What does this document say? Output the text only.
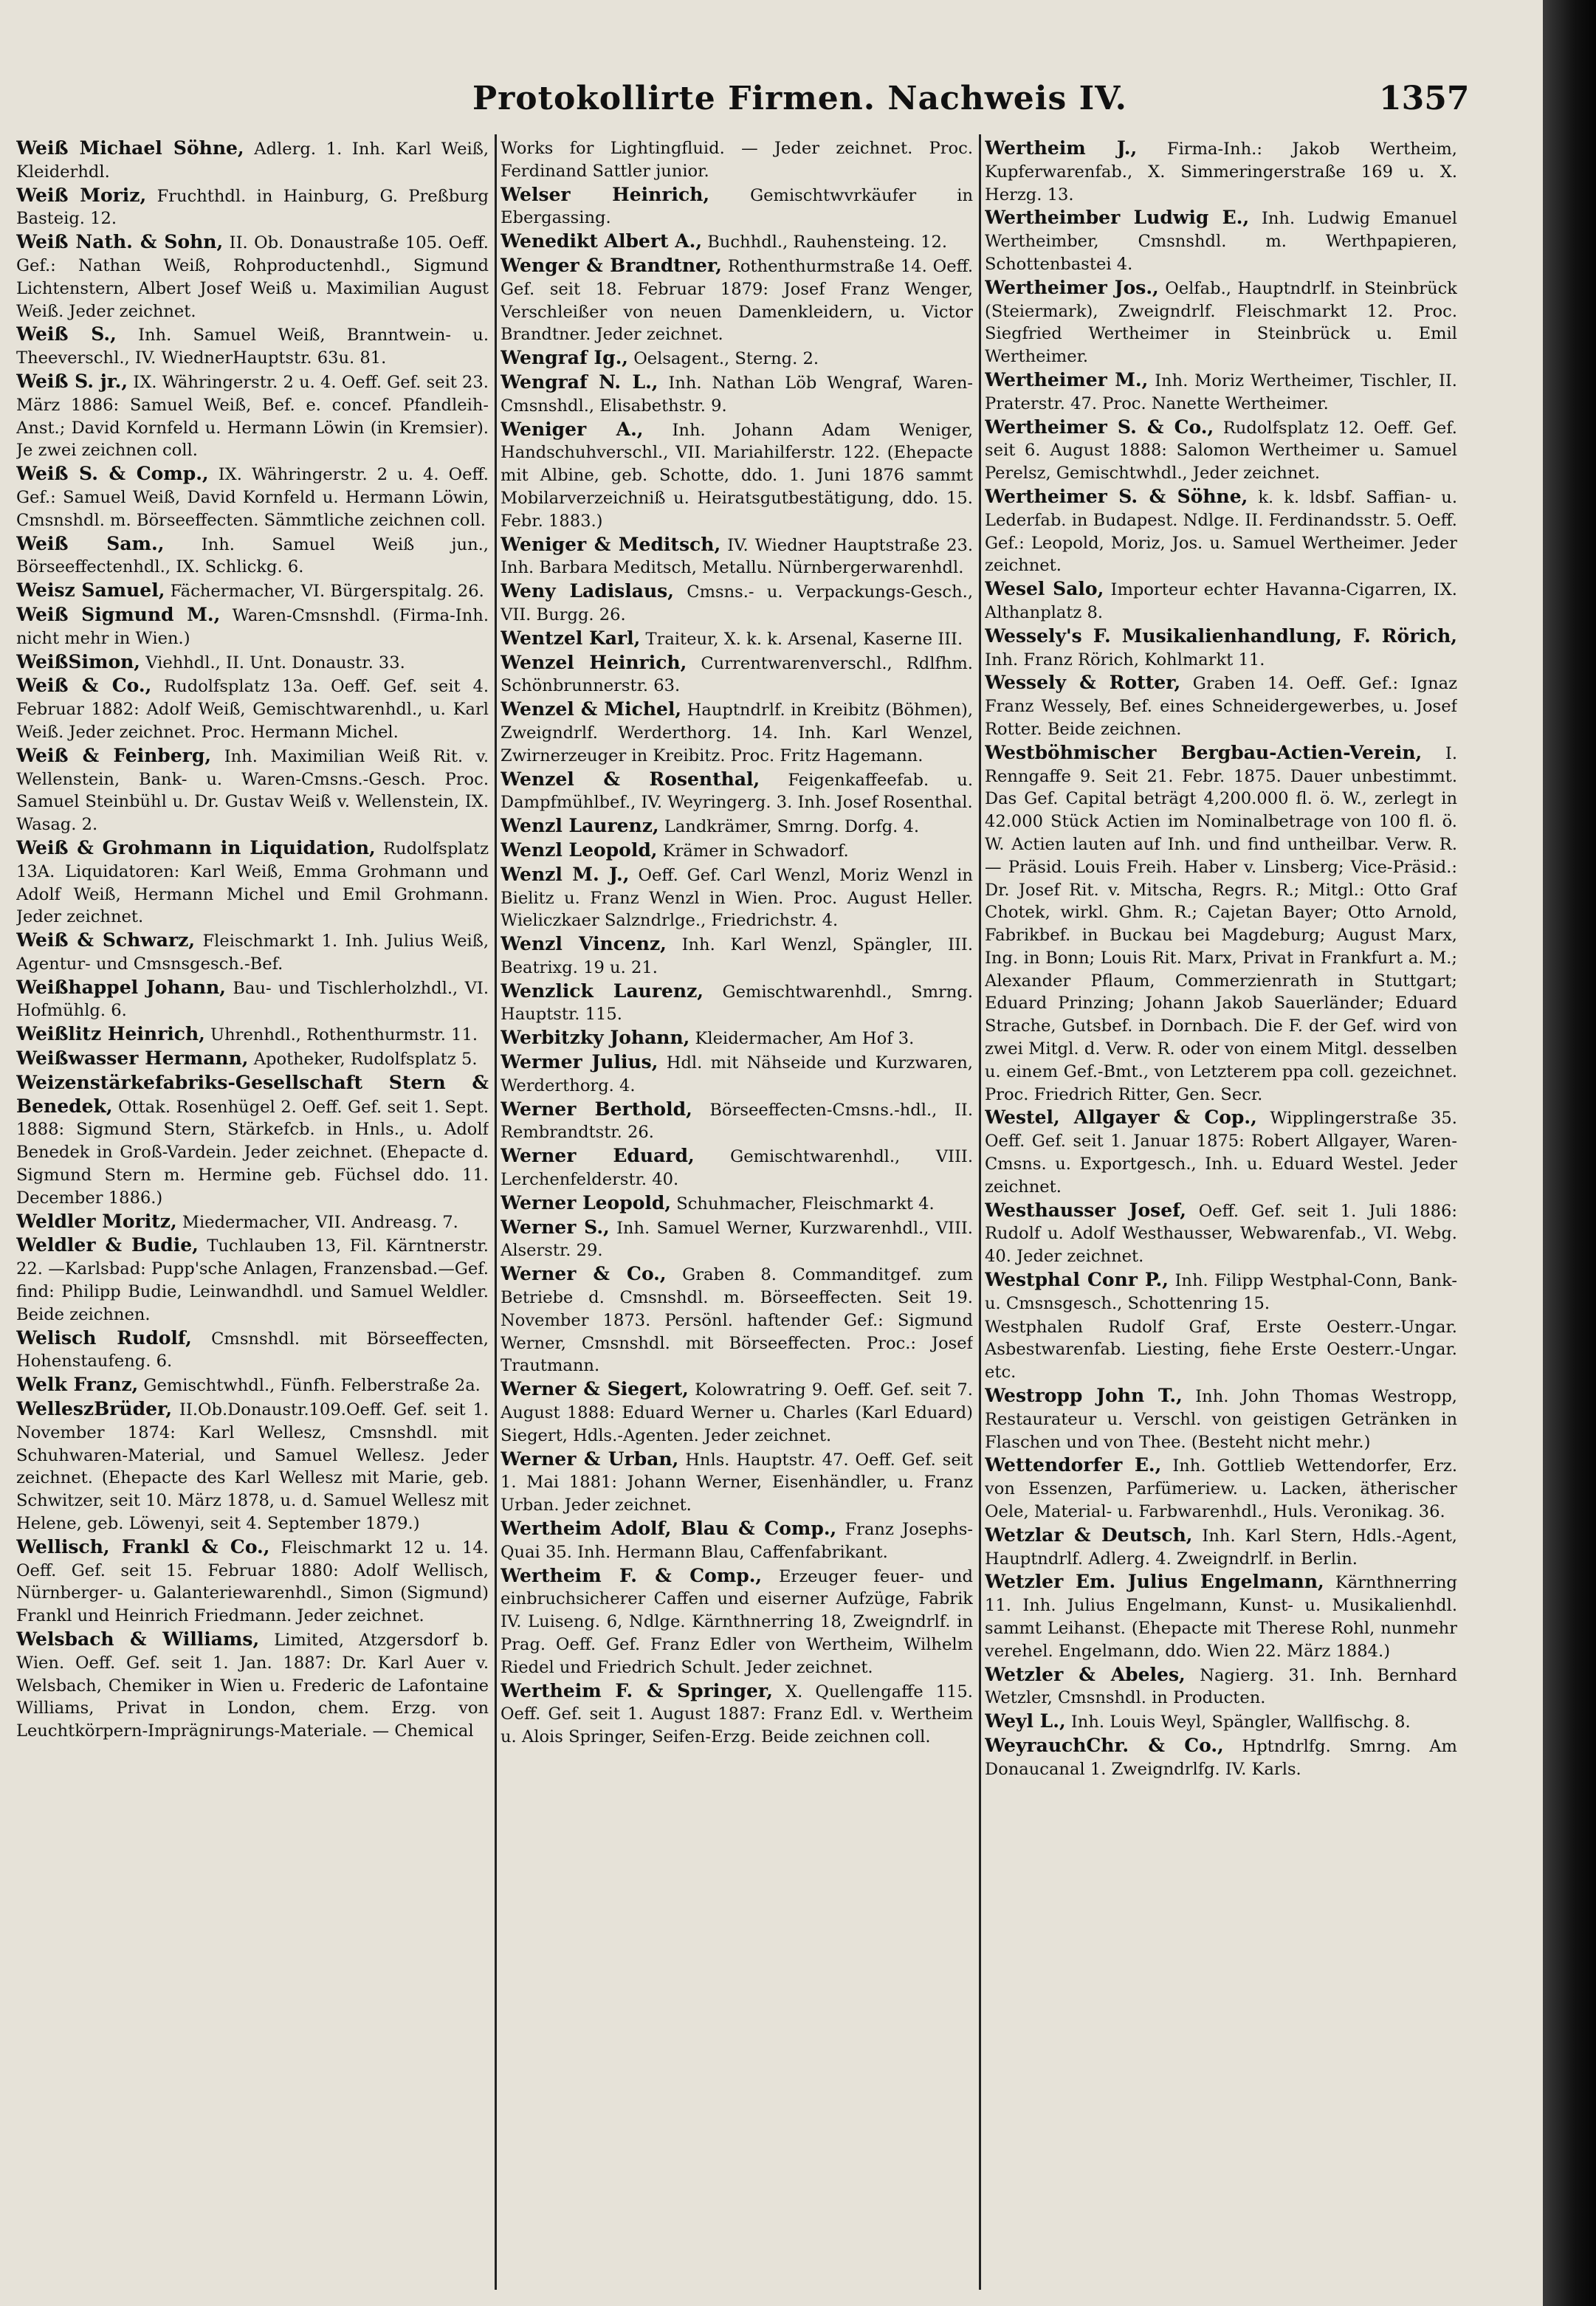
Protokollirte Firmen. Nachweis IV.	1357
Weiß Michael Söhne, Adlerg. 1. Inh. Karl Weiß, Kleiderhdl.
Weiß Moriz, Fruchthdl. in Hainburg, G. Preßburg Basteig. 12.
Weiß Nath. & Sohn, II. Ob. Donaustraße 105. Oeff. Gef.: Nathan Weiß, Rohproductenhdl., Sigmund Lichtenstern, Albert Josef Weiß u. Maximilian August Weiß. Jeder zeichnet.
Weiß S., Inh. Samuel Weiß, Branntwein- u. Theeverschl., IV. WiednerHauptstr. 63u. 81.
Weiß S. jr., IX. Währingerstr. 2 u. 4. Oeff. Gef. seit 23. März 1886: Samuel Weiß, Bef. e. concef. Pfandleih-Anst.; David Kornfeld u. Hermann Löwin (in Kremsier). Je zwei zeichnen coll.
Weiß S. & Comp., IX. Währingerstr. 2 u. 4. Oeff. Gef.: Samuel Weiß, David Kornfeld u. Hermann Löwin, Cmsnshdl. m. Börseeffecten. Sämmtliche zeichnen coll.
Weiß Sam., Inh. Samuel Weiß jun., Börseeffectenhdl., IX. Schlickg. 6.
Weisz Samuel, Fächermacher, VI. Bürgerspitalg. 26.
Weiß Sigmund M., Waren-Cmsnshdl. (Firma-Inh. nicht mehr in Wien.)
WeißSimon, Viehhdl., II. Unt. Donaustr. 33.
Weiß & Co., Rudolfsplatz 13a. Oeff. Gef. seit 4. Februar 1882: Adolf Weiß, Gemischtwarenhdl., u. Karl Weiß. Jeder zeichnet. Proc. Hermann Michel.
Weiß & Feinberg, Inh. Maximilian Weiß Rit. v. Wellenstein, Bank- u. Waren-Cmsns.-Gesch. Proc. Samuel Steinbühl u. Dr. Gustav Weiß v. Wellenstein, IX. Wasag. 2.
Weiß & Grohmann in Liquidation, Rudolfsplatz 13A. Liquidatoren: Karl Weiß, Emma Grohmann und Adolf Weiß, Hermann Michel und Emil Grohmann. Jeder zeichnet.
Weiß & Schwarz, Fleischmarkt 1. Inh. Julius Weiß, Agentur- und Cmsnsgesch.-Bef.
Weißhappel Johann, Bau- und Tischlerholzhdl., VI. Hofmühlg. 6.
Weißlitz Heinrich, Uhrenhdl., Rothenthurmstr. 11.
Weißwasser Hermann, Apotheker, Rudolfsplatz 5.
Weizenstärkefabriks-Gesellschaft Stern & Benedek, Ottak. Rosenhügel 2. Oeff. Gef. seit 1. Sept. 1888: Sigmund Stern, Stärkefcb. in Hnls., u. Adolf Benedek in Groß-Vardein. Jeder zeichnet. (Ehepacte d. Sigmund Stern m. Hermine geb. Füchsel ddo. 11. December 1886.)
Weldler Moritz, Miedermacher, VII. Andreasg. 7.
Weldler & Budie, Tuchlauben 13, Fil. Kärntnerstr. 22. —Karlsbad: Pupp'sche Anlagen, Franzensbad.—Gef. find: Philipp Budie, Leinwandhdl. und Samuel Weldler. Beide zeichnen.
Welisch Rudolf, Cmsnshdl. mit Börseeffecten, Hohenstaufeng. 6.
Welk Franz, Gemischtwhdl., Fünfh. Felberstraße 2a.
WelleszBrüder, II.Ob.Donaustr.109.Oeff. Gef. seit 1. November 1874: Karl Wellesz, Cmsnshdl. mit Schuhwaren-Material, und Samuel Wellesz. Jeder zeichnet. (Ehepacte des Karl Wellesz mit Marie, geb. Schwitzer, seit 10. März 1878, u. d. Samuel Wellesz mit Helene, geb. Löwenyi, seit 4. September 1879.)
Wellisch, Frankl & Co., Fleischmarkt 12 u. 14. Oeff. Gef. seit 15. Februar 1880: Adolf Wellisch, Nürnberger- u. Galanteriewarenhdl., Simon (Sigmund) Frankl und Heinrich Friedmann. Jeder zeichnet.
Welsbach & Williams, Limited, Atzgersdorf b. Wien. Oeff. Gef. seit 1. Jan. 1887: Dr. Karl Auer v. Welsbach, Chemiker in Wien u. Frederic de Lafontaine Williams, Privat in London, chem. Erzg. von Leuchtkörpern-Imprägnirungs-Materiale. — Chemical
Works for Lightingfluid. — Jeder zeichnet. Proc. Ferdinand Sattler junior.
Welser Heinrich, Gemischtwvrkäufer in Ebergassing.
Wenedikt Albert A., Buchhdl., Rauhensteing. 12.
Wenger & Brandtner, Rothenthurmstraße 14. Oeff. Gef. seit 18. Februar 1879: Josef Franz Wenger, Verschleißer von neuen Damenkleidern, u. Victor Brandtner. Jeder zeichnet.
Wengraf Ig., Oelsagent., Sterng. 2.
Wengraf N. L., Inh. Nathan Löb Wengraf, Waren-Cmsnshdl., Elisabethstr. 9.
Weniger A., Inh. Johann Adam Weniger, Handschuhverschl., VII. Mariahilferstr. 122. (Ehepacte mit Albine, geb. Schotte, ddo. 1. Juni 1876 sammt Mobilarverzeichniß u. Heiratsgutbestätigung, ddo. 15. Febr. 1883.)
Weniger & Meditsch, IV. Wiedner Hauptstraße 23. Inh. Barbara Meditsch, Metallu. Nürnbergerwarenhdl.
Weny Ladislaus, Cmsns.- u. Verpackungs-Gesch., VII. Burgg. 26.
Wentzel Karl, Traiteur, X. k. k. Arsenal, Kaserne III.
Wenzel Heinrich, Currentwarenverschl., Rdlfhm. Schönbrunnerstr. 63.
Wenzel & Michel, Hauptndrlf. in Kreibitz (Böhmen), Zweigndrlf. Werderthorg. 14. Inh. Karl Wenzel, Zwirnerzeuger in Kreibitz. Proc. Fritz Hagemann.
Wenzel & Rosenthal, Feigenkaffeefab. u. Dampfmühlbef., IV. Weyringerg. 3. Inh. Josef Rosenthal.
Wenzl Laurenz, Landkrämer, Smrng. Dorfg. 4.
Wenzl Leopold, Krämer in Schwadorf.
Wenzl M. J., Oeff. Gef. Carl Wenzl, Moriz Wenzl in Bielitz u. Franz Wenzl in Wien. Proc. August Heller. Wieliczkaer Salzndrlge., Friedrichstr. 4.
Wenzl Vincenz, Inh. Karl Wenzl, Spängler, III. Beatrixg. 19 u. 21.
Wenzlick Laurenz, Gemischtwarenhdl., Smrng. Hauptstr. 115.
Werbitzky Johann, Kleidermacher, Am Hof 3.
Wermer Julius, Hdl. mit Nähseide und Kurzwaren, Werderthorg. 4.
Werner Berthold, Börseeffecten-Cmsns.-hdl., II. Rembrandtstr. 26.
Werner Eduard, Gemischtwarenhdl., VIII. Lerchenfelderstr. 40.
Werner Leopold, Schuhmacher, Fleischmarkt 4.
Werner S., Inh. Samuel Werner, Kurzwarenhdl., VIII. Alserstr. 29.
Werner & Co., Graben 8. Commanditgef. zum Betriebe d. Cmsnshdl. m. Börseeffecten. Seit 19. November 1873. Persönl. haftender Gef.: Sigmund Werner, Cmsnshdl. mit Börseeffecten. Proc.: Josef Trautmann.
Werner & Siegert, Kolowratring 9. Oeff. Gef. seit 7. August 1888: Eduard Werner u. Charles (Karl Eduard) Siegert, Hdls.-Agenten. Jeder zeichnet.
Werner & Urban, Hnls. Hauptstr. 47. Oeff. Gef. seit 1. Mai 1881: Johann Werner, Eisenhändler, u. Franz Urban. Jeder zeichnet.
Wertheim Adolf, Blau & Comp., Franz Josephs-Quai 35. Inh. Hermann Blau, Caffenfabrikant.
Wertheim F. & Comp., Erzeuger feuer- und einbruchsicherer Caffen und eiserner Aufzüge, Fabrik IV. Luiseng. 6, Ndlge. Kärnthnerring 18, Zweigndrlf. in Prag. Oeff. Gef. Franz Edler von Wertheim, Wilhelm Riedel und Friedrich Schult. Jeder zeichnet.
Wertheim F. & Springer, X. Quellengaffe 115. Oeff. Gef. seit 1. August 1887: Franz Edl. v. Wertheim u. Alois Springer, Seifen-Erzg. Beide zeichnen coll.
Wertheim J., Firma-Inh.: Jakob Wertheim, Kupferwarenfab., X. Simmeringerstraße 169 u. X. Herzg. 13.
Wertheimber Ludwig E., Inh. Ludwig Emanuel Wertheimber, Cmsnshdl. m. Werthpapieren, Schottenbastei 4.
Wertheimer Jos., Oelfab., Hauptndrlf. in Steinbrück (Steiermark), Zweigndrlf. Fleischmarkt 12. Proc. Siegfried Wertheimer in Steinbrück u. Emil Wertheimer.
Wertheimer M., Inh. Moriz Wertheimer, Tischler, II. Praterstr. 47. Proc. Nanette Wertheimer.
Wertheimer S. & Co., Rudolfsplatz 12. Oeff. Gef. seit 6. August 1888: Salomon Wertheimer u. Samuel Perelsz, Gemischtwhdl., Jeder zeichnet.
Wertheimer S. & Söhne, k. k. ldsbf. Saffian- u. Lederfab. in Budapest. Ndlge. II. Ferdinandsstr. 5. Oeff. Gef.: Leopold, Moriz, Jos. u. Samuel Wertheimer. Jeder zeichnet.
Wesel Salo, Importeur echter Havanna-Cigarren, IX. Althanplatz 8.
Wessely's F. Musikalienhandlung, F. Rörich, Inh. Franz Rörich, Kohlmarkt 11.
Wessely & Rotter, Graben 14. Oeff. Gef.: Ignaz Franz Wessely, Bef. eines Schneidergewerbes, u. Josef Rotter. Beide zeichnen.
Westböhmischer Bergbau-Actien-Verein, I. Renngaffe 9. Seit 21. Febr. 1875. Dauer unbestimmt. Das Gef. Capital beträgt 4,200.000 fl. ö. W., zerlegt in 42.000 Stück Actien im Nominalbetrage von 100 fl. ö. W. Actien lauten auf Inh. und find untheilbar. Verw. R. — Präsid. Louis Freih. Haber v. Linsberg; Vice-Präsid.: Dr. Josef Rit. v. Mitscha, Regrs. R.; Mitgl.: Otto Graf Chotek, wirkl. Ghm. R.; Cajetan Bayer; Otto Arnold, Fabrikbef. in Buckau bei Magdeburg; August Marx, Ing. in Bonn; Louis Rit. Marx, Privat in Frankfurt a. M.; Alexander Pflaum, Commerzienrath in Stuttgart; Eduard Prinzing; Johann Jakob Sauerländer; Eduard Strache, Gutsbef. in Dornbach. Die F. der Gef. wird von zwei Mitgl. d. Verw. R. oder von einem Mitgl. desselben u. einem Gef.-Bmt., von Letzterem ppa coll. gezeichnet. Proc. Friedrich Ritter, Gen. Secr.
Westel, Allgayer & Cop., Wipplingerstraße 35. Oeff. Gef. seit 1. Januar 1875: Robert Allgayer, Waren-Cmsns. u. Exportgesch., Inh. u. Eduard Westel. Jeder zeichnet.
Westhausser Josef, Oeff. Gef. seit 1. Juli 1886: Rudolf u. Adolf Westhausser, Webwarenfab., VI. Webg. 40. Jeder zeichnet.
Westphal Conr P., Inh. Filipp Westphal-Conn, Bank- u. Cmsnsgesch., Schottenring 15.
Westphalen Rudolf Graf, Erste Oesterr.-Ungar. Asbestwarenfab. Liesting, fiehe Erste Oesterr.-Ungar. etc.
Westropp John T., Inh. John Thomas Westropp, Restaurateur u. Verschl. von geistigen Getränken in Flaschen und von Thee. (Besteht nicht mehr.)
Wettendorfer E., Inh. Gottlieb Wettendorfer, Erz. von Essenzen, Parfümeriew. u. Lacken, ätherischer Oele, Material- u. Farbwarenhdl., Huls. Veronikag. 36.
Wetzlar & Deutsch, Inh. Karl Stern, Hdls.-Agent, Hauptndrlf. Adlerg. 4. Zweigndrlf. in Berlin.
Wetzler Em. Julius Engelmann, Kärnthnerring 11. Inh. Julius Engelmann, Kunst- u. Musikalienhdl. sammt Leihanst. (Ehepacte mit Therese Rohl, nunmehr verehel. Engelmann, ddo. Wien 22. März 1884.)
Wetzler & Abeles, Nagierg. 31. Inh. Bernhard Wetzler, Cmsnshdl. in Producten.
Weyl L., Inh. Louis Weyl, Spängler, Wallfischg. 8.
WeyrauchChr. & Co., Hptndrlfg. Smrng. Am Donaucanal 1. Zweigndrlfg. IV. Karls.
